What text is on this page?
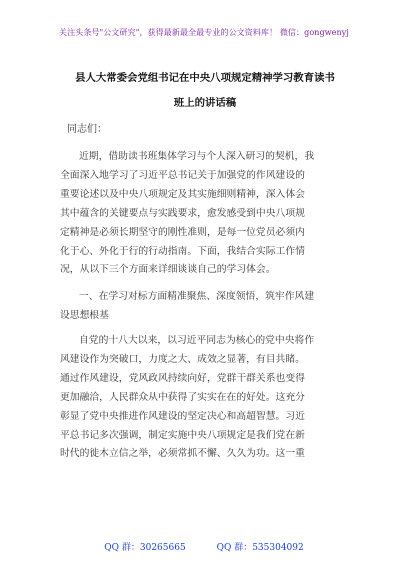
关注头条号"公文研究"，获得最新最全最专业的公文资料库！ 微信：gongwenyj
县人大常委会党组书记在中央八项规定精神学习教育读书
班上的讲话稿
同志们：

近期，借助读书班集体学习与个人深入研习的契机，我
全面深入地学习了习近平总书记关于加强党的作风建设的
重要论述以及中央八项规定及其实施细则精神，深入体会
其中蕴含的关键要点与实践要求，愈发感受到中央八项规
定精神是必须长期坚守的刚性准则，是每一位党员必须内
化于心、外化于行的行动指南。下面，我结合实际工作情
况，从以下三个方面来详细谈谈自己的学习体会。

一、在学习对标方面精准聚焦、深度领悟，筑牢作风建
设思想根基

自党的十八大以来，以习近平同志为核心的党中央将作
风建设作为突破口，力度之大、成效之显著，有目共睹。
通过作风建设，党风政风持续向好，党群干群关系也变得
更加融洽，人民群众从中获得了实实在在的好处。这充分
彰显了党中央推进作风建设的坚定决心和高超智慧。习近
平总书记多次强调，制定实施中央八项规定是我们党在新
时代的徙木立信之举，必须常抓不懈、久久为功。这一重

QQ 群：30265665	QQ 群：535304092
